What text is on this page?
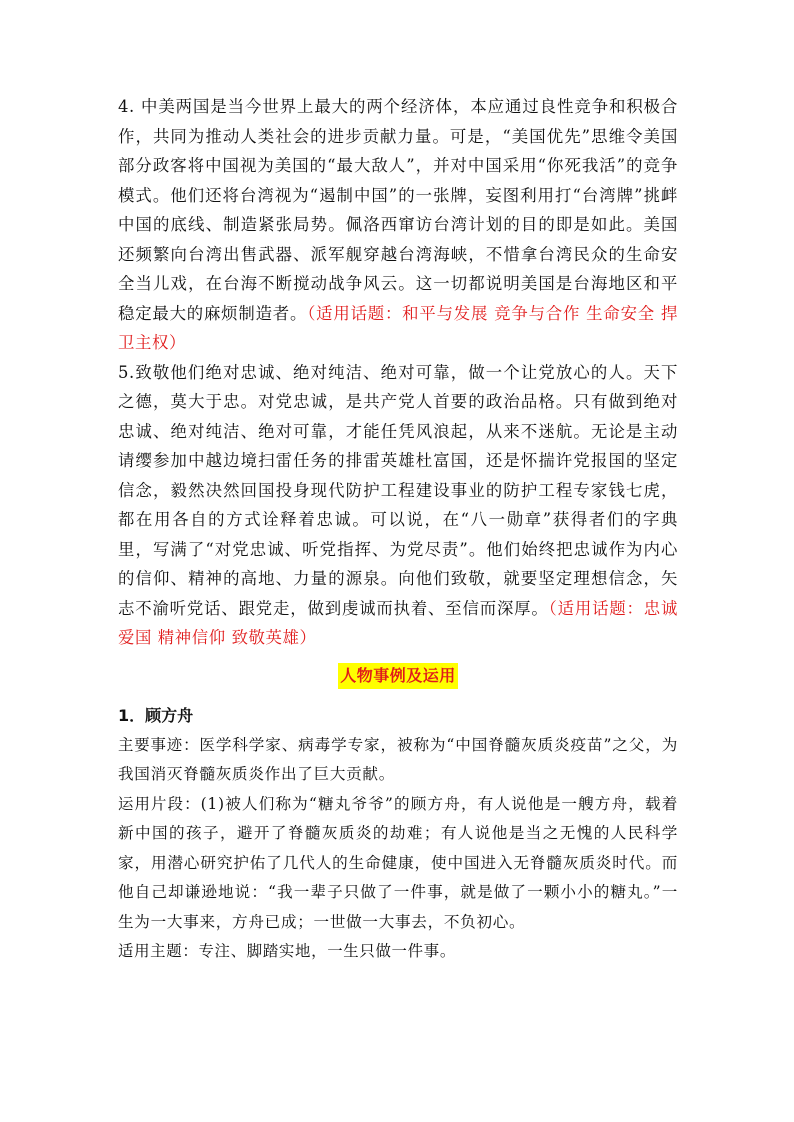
4. 中美两国是当今世界上最大的两个经济体，本应通过良性竞争和积极合作，共同为推动人类社会的进步贡献力量。可是，“美国优先”思维令美国部分政客将中国视为美国的“最大敌人”，并对中国采用“你死我活”的竞争模式。他们还将台湾视为“遏制中国”的一张牌，妄图利用打“台湾牌”挑衅中国的底线、制造紧张局势。佩洛西窜访台湾计划的目的即是如此。美国还频繁向台湾出售武器、派军舰穿越台湾海峡，不惜拿台湾民众的生命安全当儿戏，在台海不断搅动战争风云。这一切都说明美国是台海地区和平稳定最大的麻烦制造者。（适用话题：和平与发展 竞争与合作 生命安全 捍卫主权）

5.致敬他们绝对忠诚、绝对纯洁、绝对可靠，做一个让党放心的人。天下之德，莫大于忠。对党忠诚，是共产党人首要的政治品格。只有做到绝对忠诚、绝对纯洁、绝对可靠，才能任凭风浪起，从来不迷航。无论是主动请缨参加中越边境扫雷任务的排雷英雄杜富国，还是怀揣许党报国的坚定信念，毅然决然回国投身现代防护工程建设事业的防护工程专家钱七虎，都在用各自的方式诠释着忠诚。可以说，在“八一勋章”获得者们的字典里，写满了“对党忠诚、听党指挥、为党尽责”。他们始终把忠诚作为内心的信仰、精神的高地、力量的源泉。向他们致敬，就要坚定理想信念，矢志不渝听党话、跟党走，做到虔诚而执着、至信而深厚。（适用话题：忠诚爱国 精神信仰 致敬英雄）

人物事例及运用

1．顾方舟

主要事迹：医学科学家、病毒学专家，被称为“中国脊髓灰质炎疫苗”之父，为我国消灭脊髓灰质炎作出了巨大贡献。

运用片段：(1)被人们称为“糖丸爷爷”的顾方舟，有人说他是一艘方舟，载着新中国的孩子，避开了脊髓灰质炎的劫难；有人说他是当之无愧的人民科学家，用潜心研究护佑了几代人的生命健康，使中国进入无脊髓灰质炎时代。而他自己却谦逊地说：“我一辈子只做了一件事，就是做了一颗小小的糖丸。”一生为一大事来，方舟已成；一世做一大事去，不负初心。

适用主题：专注、脚踏实地，一生只做一件事。
